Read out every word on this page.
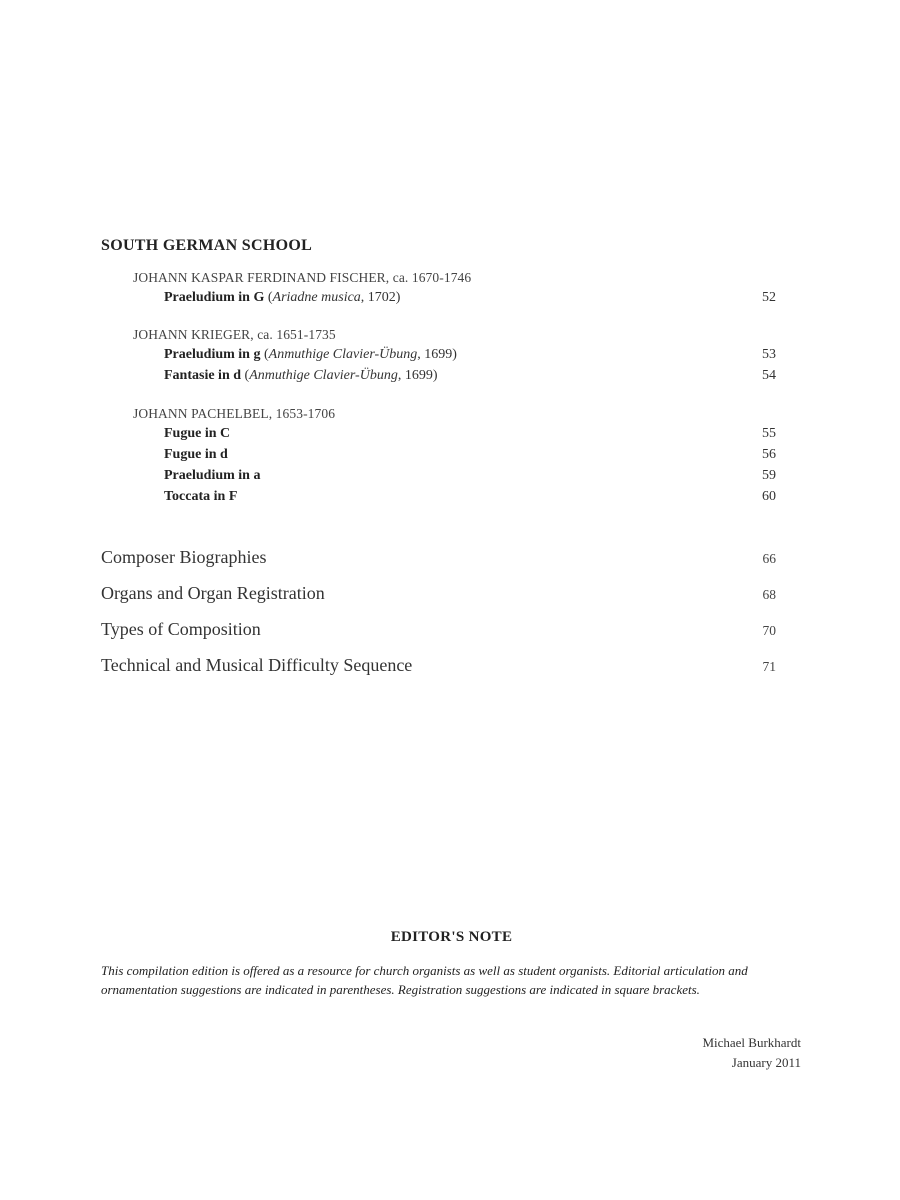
SOUTH GERMAN SCHOOL
JOHANN KASPAR FERDINAND FISCHER, ca. 1670-1746
Praeludium in G (Ariadne musica, 1702)	52
JOHANN KRIEGER, ca. 1651-1735
Praeludium in g (Anmuthige Clavier-Übung, 1699)	53
Fantasie in d (Anmuthige Clavier-Übung, 1699)	54
JOHANN PACHELBEL, 1653-1706
Fugue in C	55
Fugue in d	56
Praeludium in a	59
Toccata in F	60
Composer Biographies	66
Organs and Organ Registration	68
Types of Composition	70
Technical and Musical Difficulty Sequence	71
EDITOR'S NOTE
This compilation edition is offered as a resource for church organists as well as student organists. Editorial articulation and ornamentation suggestions are indicated in parentheses. Registration suggestions are indicated in square brackets.
Michael Burkhardt
January 2011
